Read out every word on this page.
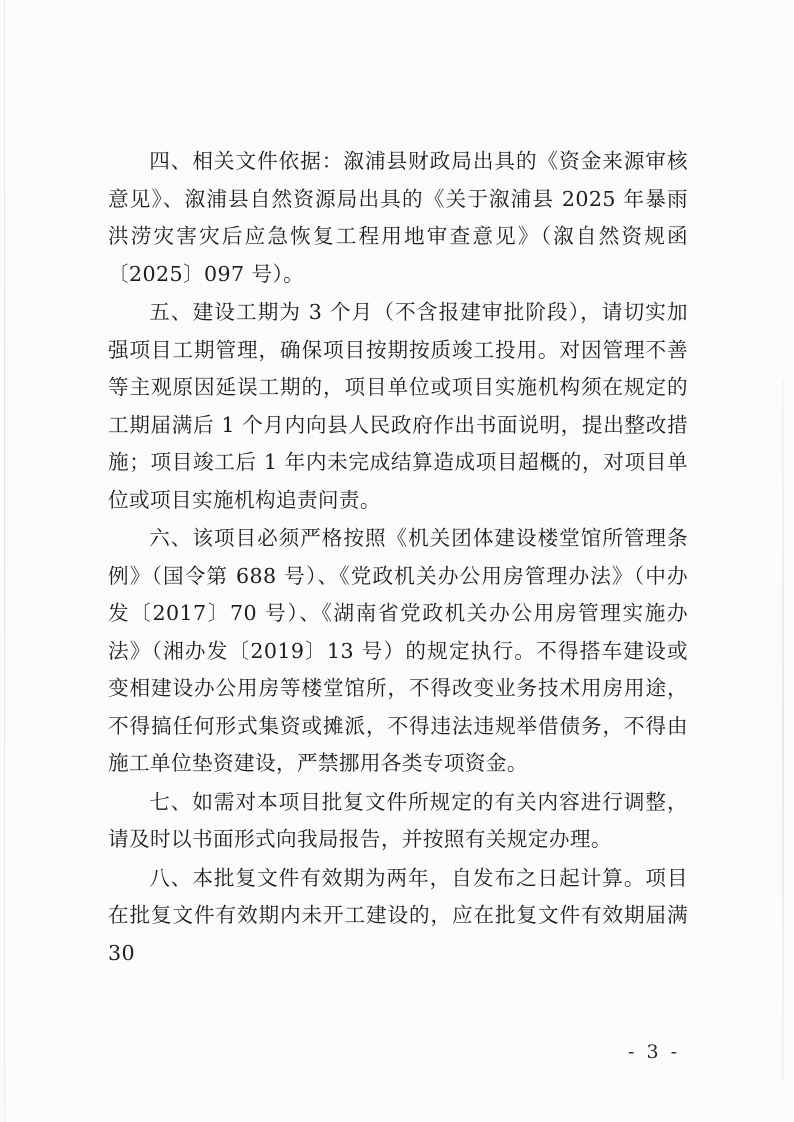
四、相关文件依据：溆浦县财政局出具的《资金来源审核意见》、溆浦县自然资源局出具的《关于溆浦县 2025 年暴雨洪涝灾害灾后应急恢复工程用地审查意见》（溆自然资规函〔2025〕097 号）。

五、建设工期为 3 个月（不含报建审批阶段），请切实加强项目工期管理，确保项目按期按质竣工投用。对因管理不善等主观原因延误工期的，项目单位或项目实施机构须在规定的工期届满后 1 个月内向县人民政府作出书面说明，提出整改措施；项目竣工后 1 年内未完成结算造成项目超概的，对项目单位或项目实施机构追责问责。

六、该项目必须严格按照《机关团体建设楼堂馆所管理条例》（国令第 688 号）、《党政机关办公用房管理办法》（中办发〔2017〕70 号）、《湖南省党政机关办公用房管理实施办法》（湘办发〔2019〕13 号）的规定执行。不得搭车建设或变相建设办公用房等楼堂馆所，不得改变业务技术用房用途，不得搞任何形式集资或摊派，不得违法违规举借债务，不得由施工单位垫资建设，严禁挪用各类专项资金。

七、如需对本项目批复文件所规定的有关内容进行调整，请及时以书面形式向我局报告，并按照有关规定办理。

八、本批复文件有效期为两年，自发布之日起计算。项目在批复文件有效期内未开工建设的，应在批复文件有效期届满 30

- 3 -
